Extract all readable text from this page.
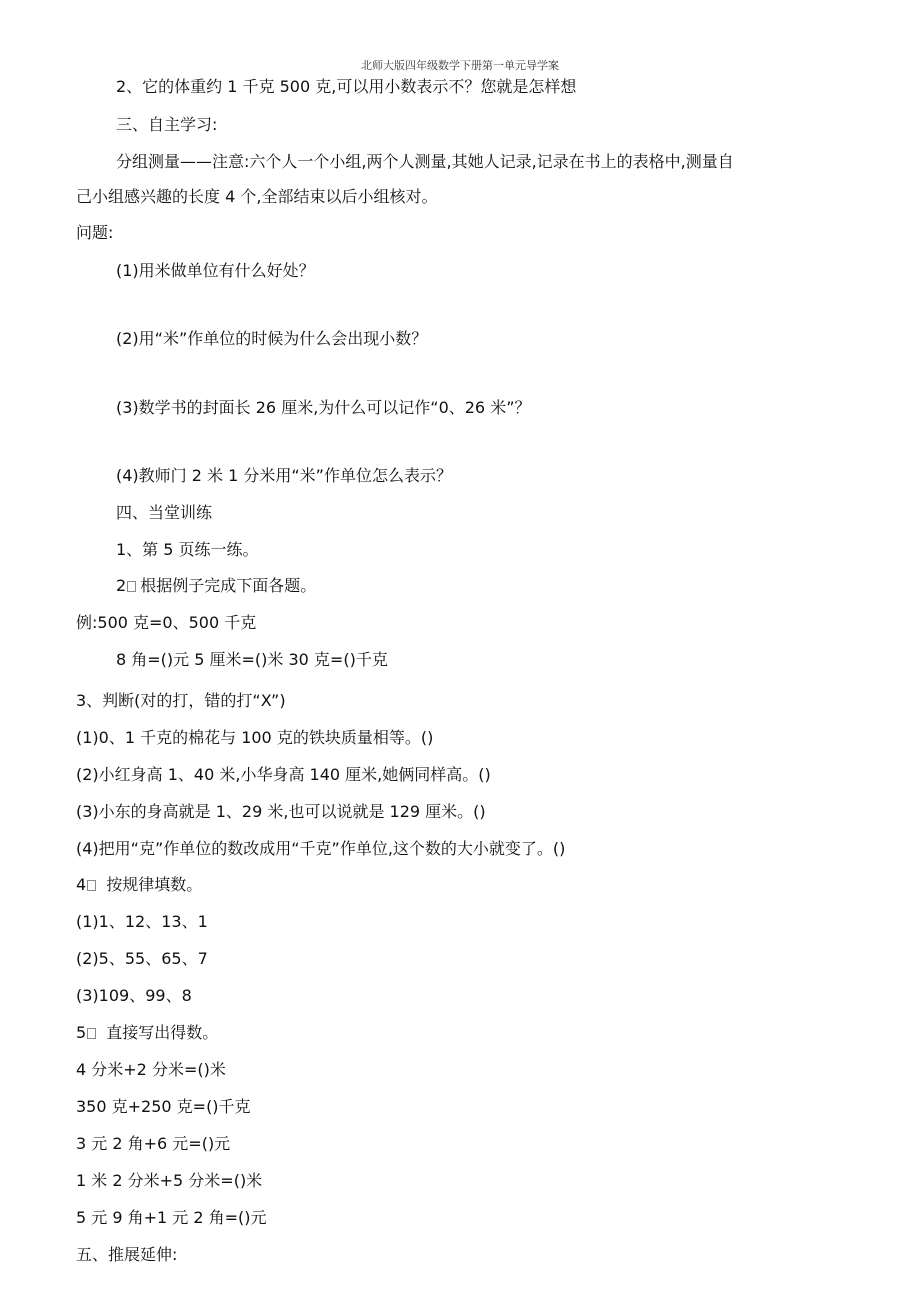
北师大版四年级数学下册第一单元导学案
2、它的体重约 1 千克 500 克,可以用小数表示不？您就是怎样想
三、自主学习:
分组测量——注意:六个人一个小组,两个人测量,其她人记录,记录在书上的表格中,测量自
己小组感兴趣的长度 4 个,全部结束以后小组核对。
问题:
(1)用米做单位有什么好处？
(2)用“米”作单位的时候为什么会出现小数？
(3)数学书的封面长 26 厘米,为什么可以记作“0、26 米”？
(4)教师门 2 米 1 分米用“米”作单位怎么表示？
四、当堂训练
1、第 5 页练一练。
2 根据例子完成下面各题。
例:500 克=0、500 千克
8 角=()元 5 厘米=()米 30 克=()千克
3、判断(对的打，错的打“X”)
(1)0、1 千克的棉花与 100 克的铁块质量相等。()
(2)小红身高 1、40 米,小华身高 140 厘米,她俩同样高。()
(3)小东的身高就是 1、29 米,也可以说就是 129 厘米。()
(4)把用“克”作单位的数改成用“千克”作单位,这个数的大小就变了。()
4 按规律填数。
(1)1、12、13、1
(2)5、55、65、7
(3)109、99、8
5 直接写出得数。
4 分米+2 分米=()米
350 克+250 克=()千克
3 元 2 角+6 元=()元
1 米 2 分米+5 分米=()米
5 元 9 角+1 元 2 角=()元
五、推展延伸:
